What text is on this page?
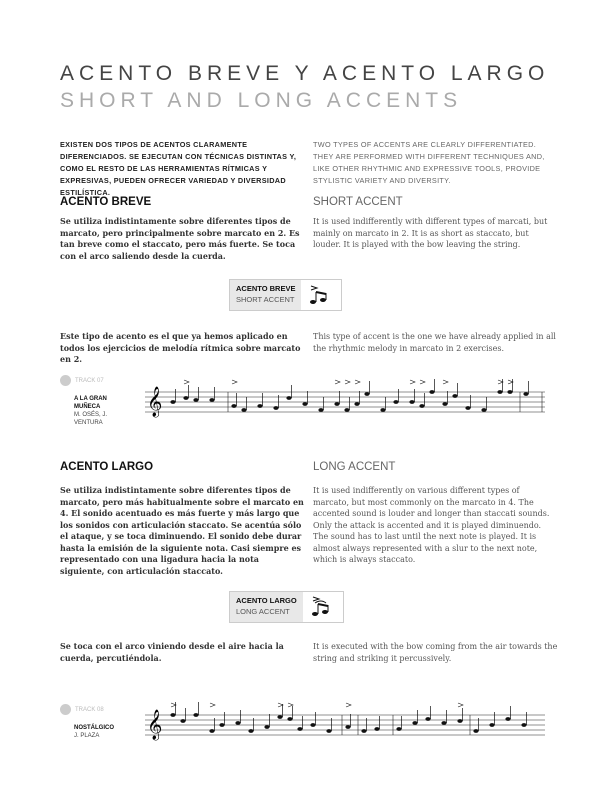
ACENTO BREVE Y ACENTO LARGO
SHORT AND LONG ACCENTS
EXISTEN DOS TIPOS DE ACENTOS CLARAMENTE DIFERENCIADOS. SE EJECUTAN CON TÉCNICAS DISTINTAS Y, COMO EL RESTO DE LAS HERRAMIENTAS RÍTMICAS Y EXPRESIVAS, PUEDEN OFRECER VARIEDAD Y DIVERSIDAD ESTILÍSTICA.
TWO TYPES OF ACCENTS ARE CLEARLY DIFFERENTIATED. THEY ARE PERFORMED WITH DIFFERENT TECHNIQUES AND, LIKE OTHER RHYTHMIC AND EXPRESSIVE TOOLS, PROVIDE STYLISTIC VARIETY AND DIVERSITY.
ACENTO BREVE	SHORT ACCENT
Se utiliza indistintamente sobre diferentes tipos de marcato, pero principalmente sobre marcato en 2. Es tan breve como el staccato, pero más fuerte. Se toca con el arco saliendo desde la cuerda.
It is used indifferently with different types of marcati, but mainly on marcato in 2. It is as short as staccato, but louder. It is played with the bow leaving the string.
ACENTO BREVE
SHORT ACCENT
Este tipo de acento es el que ya hemos aplicado en todos los ejercicios de melodía rítmica sobre marcato en 2.
This type of accent is the one we have already applied in all the rhythmic melody in marcato in 2 exercises.
TRACK 07
A LA GRAN MUÑECA
M. OSÉS, J. VENTURA
𝄞
ACENTO LARGO	LONG ACCENT
Se utiliza indistintamente sobre diferentes tipos de marcato, pero más habitualmente sobre el marcato en 4. El sonido acentuado es más fuerte y más largo que los sonidos con articulación staccato. Se acentúa sólo el ataque, y se toca diminuendo. El sonido debe durar hasta la emisión de la siguiente nota. Casi siempre es representado con una ligadura hacia la nota siguiente, con articulación staccato.
It is used indifferently on various different types of marcato, but most commonly on the marcato in 4. The accented sound is louder and longer than staccati sounds. Only the attack is accented and it is played diminuendo. The sound has to last until the next note is played. It is almost always represented with a slur to the next note, which is always staccato.
ACENTO LARGO
LONG ACCENT
Se toca con el arco viniendo desde el aire hacia la cuerda, percutiéndola.
It is executed with the bow coming from the air towards the string and striking it percussively.
TRACK 08
NOSTÁLGICO
J. PLAZA	𝄞
